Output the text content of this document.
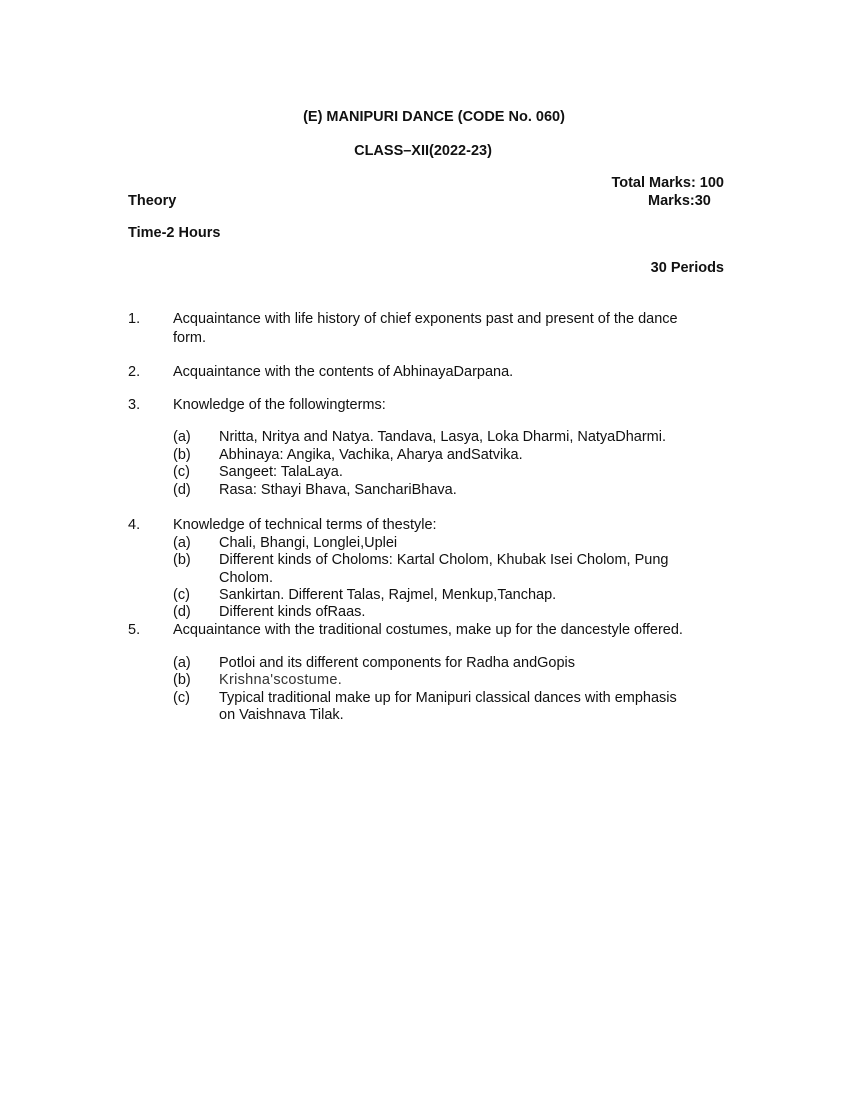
(E) MANIPURI DANCE (CODE No. 060)
CLASS–XII(2022-23)
Total Marks: 100
Theory	Marks:30
Time-2 Hours
30 Periods
1. Acquaintance with life history of chief exponents past and present of the dance
form.
2. Acquaintance with the contents of AbhinayaDarpana.
3. Knowledge of the followingterms:
(a) Nritta, Nritya and Natya. Tandava, Lasya, Loka Dharmi, NatyaDharmi.
(b) Abhinaya: Angika, Vachika, Aharya andSatvika.
(c) Sangeet: TalaLaya.
(d) Rasa: Sthayi Bhava, SanchariBhava.
4. Knowledge of technical terms of thestyle:
(a) Chali, Bhangi, Longlei,Uplei
(b) Different kinds of Choloms: Kartal Cholom, Khubak Isei Cholom, Pung
Cholom.
(c) Sankirtan. Different Talas, Rajmel, Menkup,Tanchap.
(d) Different kinds ofRaas.
5. Acquaintance with the traditional costumes, make up for the dancestyle offered.
(a) Potloi and its different components for Radha andGopis
(b) Krishna'scostume.
(c) Typical traditional make up for Manipuri classical dances with emphasis
on Vaishnava Tilak.
